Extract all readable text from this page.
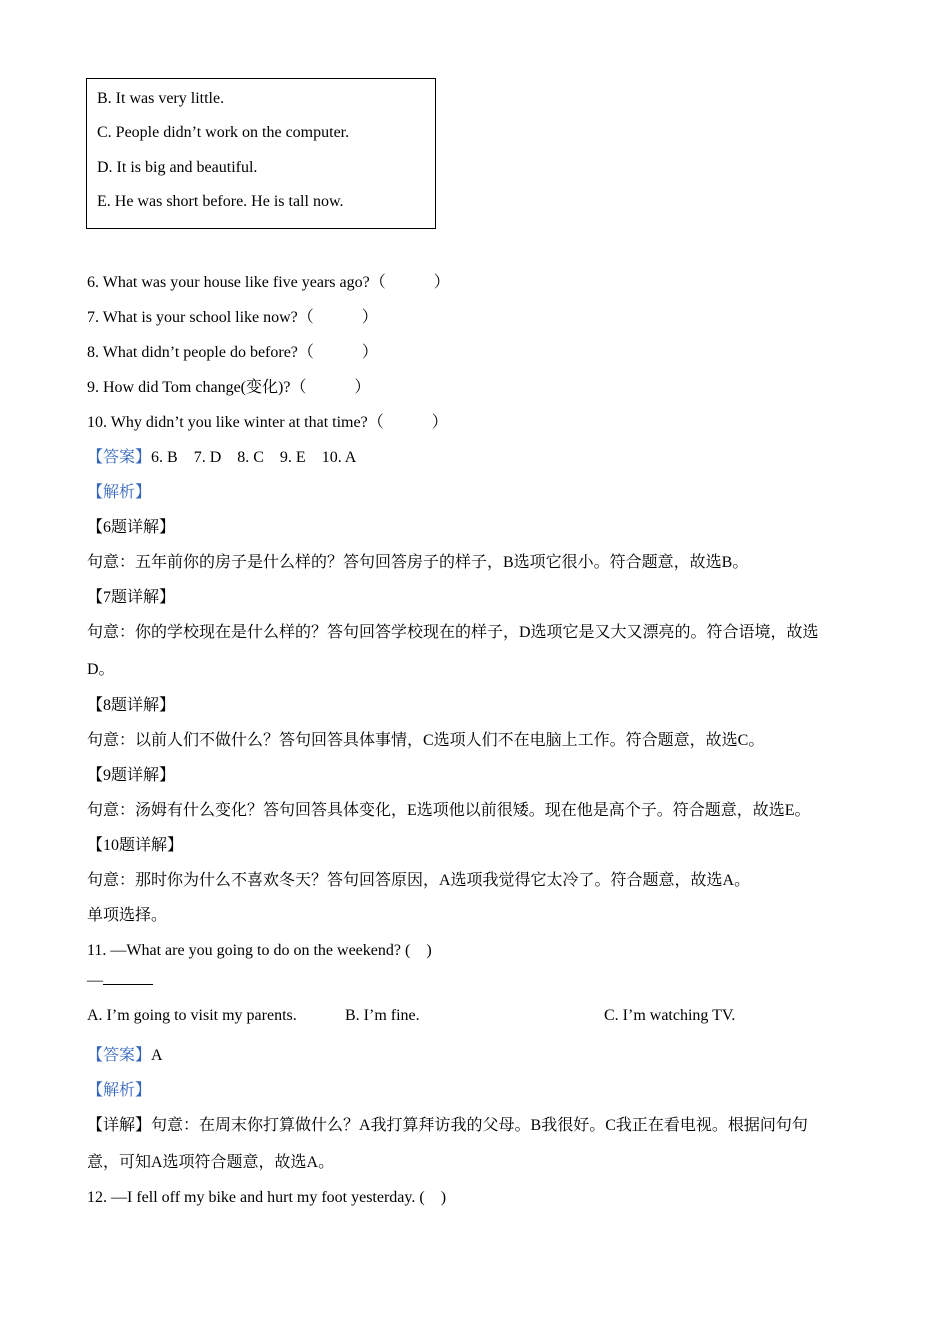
B. It was very little.
C. People didn’t work on the computer.
D. It is big and beautiful.
E. He was short before. He is tall now.
6. What was your house like five years ago?（　　　）
7. What is your school like now?（　　　）
8. What didn’t people do before?（　　　）
9. How did Tom change(变化)?（　　　）
10. Why didn’t you like winter at that time?（　　　）
【答案】6. B　7. D　8. C　9. E　10. A
【解析】
【6题详解】
句意：五年前你的房子是什么样的？答句回答房子的样子，B选项它很小。符合题意，故选B。
【7题详解】
句意：你的学校现在是什么样的？答句回答学校现在的样子，D选项它是又大又漂亮的。符合语境，故选
D。
【8题详解】
句意：以前人们不做什么？答句回答具体事情，C选项人们不在电脑上工作。符合题意，故选C。
【9题详解】
句意：汤姆有什么变化？答句回答具体变化，E选项他以前很矮。现在他是高个子。符合题意，故选E。
【10题详解】
句意：那时你为什么不喜欢冬天？答句回答原因，A选项我觉得它太冷了。符合题意，故选A。
单项选择。
11. —What are you going to do on the weekend? (　)
—
A. I’m going to visit my parents.	B. I’m fine.	C. I’m watching TV.
【答案】A
【解析】
【详解】句意：在周末你打算做什么？A我打算拜访我的父母。B我很好。C我正在看电视。根据问句句
意，可知A选项符合题意，故选A。
12. —I fell off my bike and hurt my foot yesterday. (　)
